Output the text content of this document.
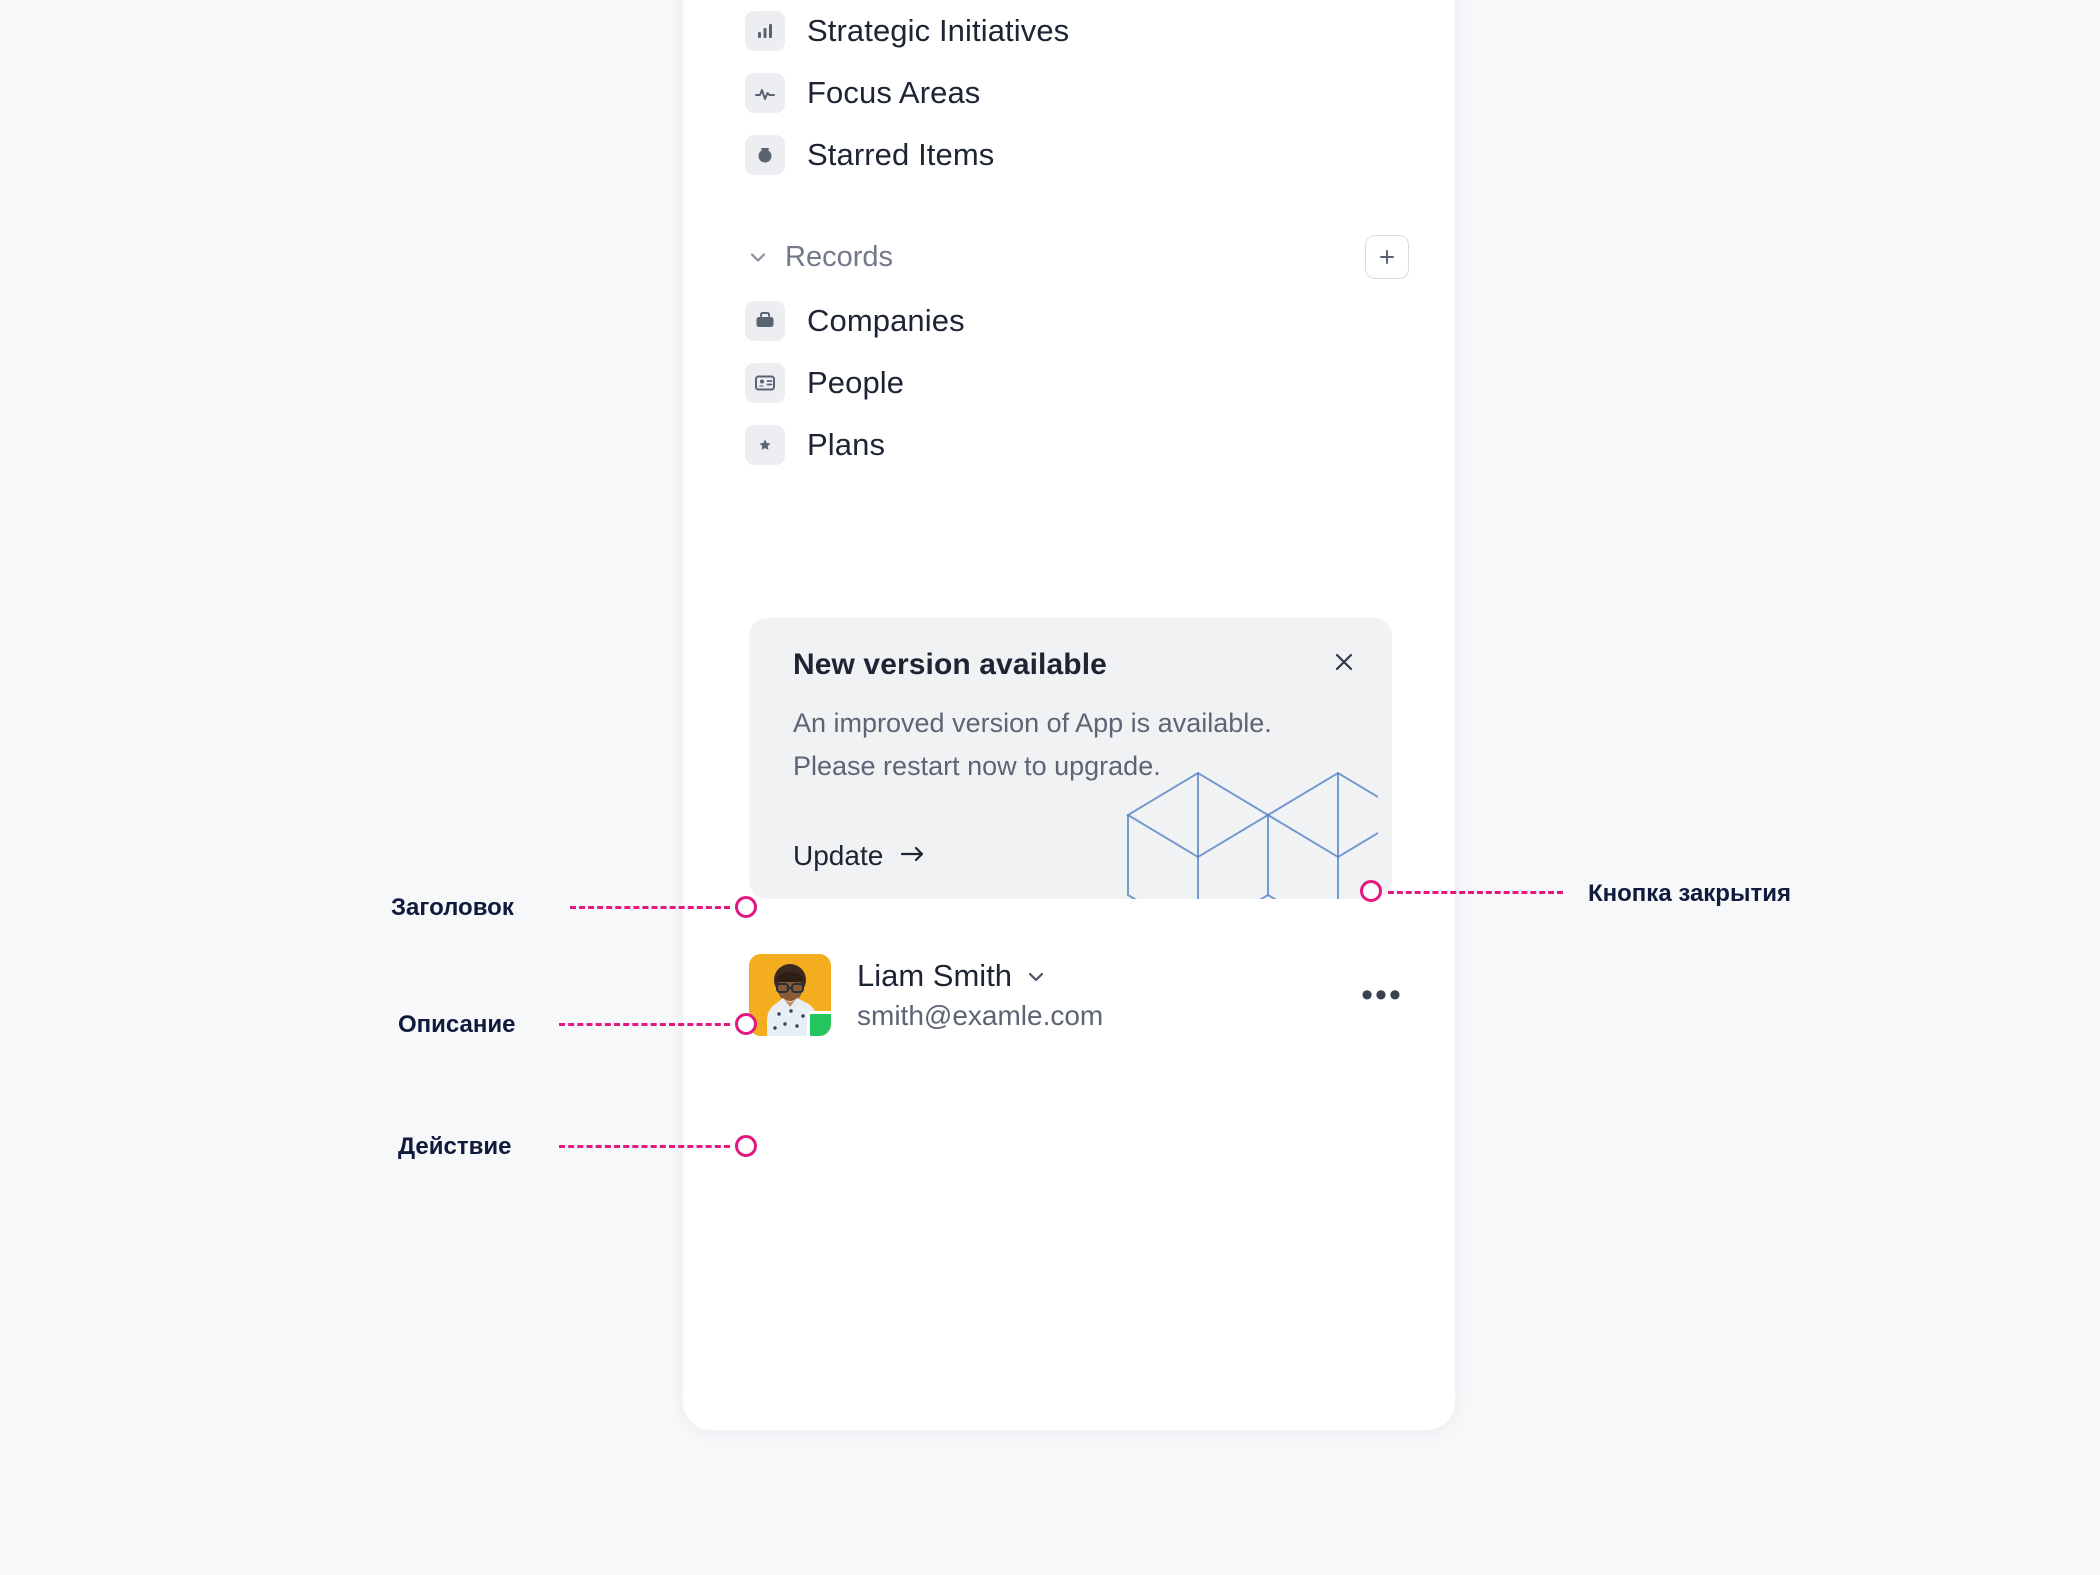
Strategic Initiatives
Focus Areas
Starred Items
Records
Companies
People
Plans
New version available
An improved version of App is available. Please restart now to upgrade.
Update
Liam Smith
smith@examle.com
•••
Заголовок
Описание
Действие
Кнопка закрытия
